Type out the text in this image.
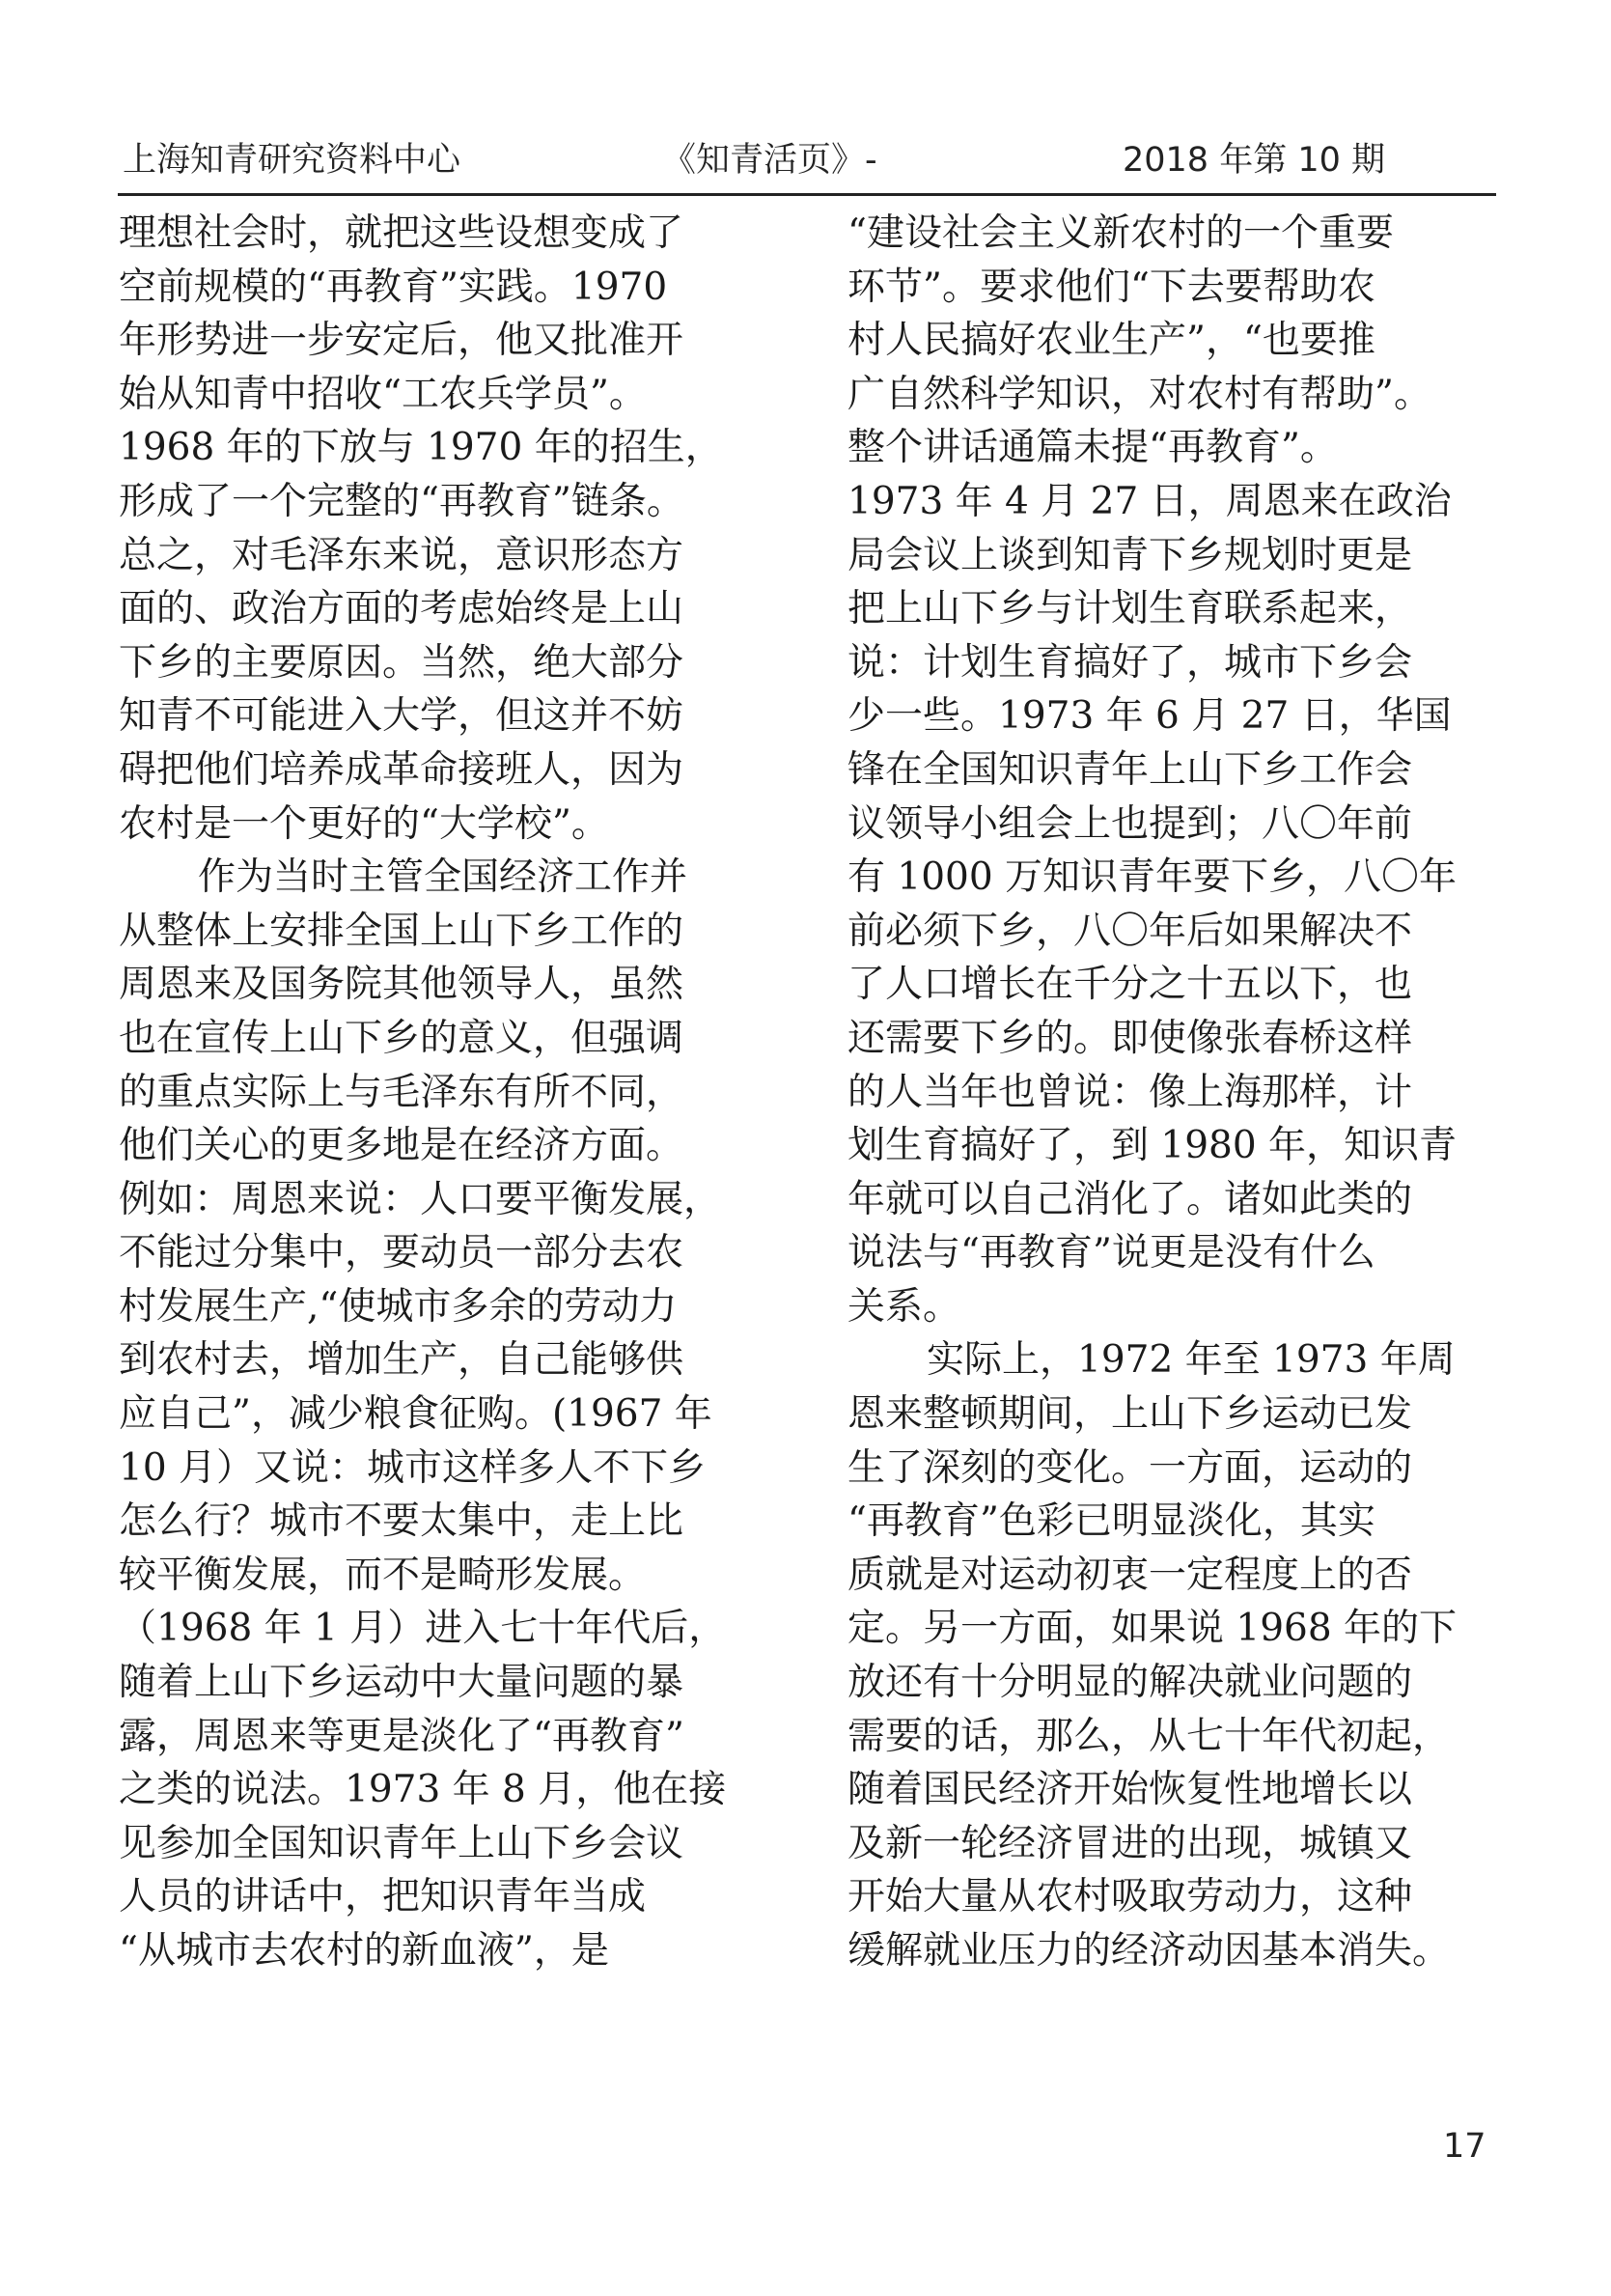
上海知青研究资料中心	《知青活页》-	2018 年第 10 期
理想社会时，就把这些设想变成了
空前规模的“再教育”实践。1970
年形势进一步安定后，他又批准开
始从知青中招收“工农兵学员”。
1968 年的下放与 1970 年的招生，
形成了一个完整的“再教育”链条。
总之，对毛泽东来说，意识形态方
面的、政治方面的考虑始终是上山
下乡的主要原因。当然，绝大部分
知青不可能进入大学，但这并不妨
碍把他们培养成革命接班人，因为
农村是一个更好的“大学校”。
作为当时主管全国经济工作并
从整体上安排全国上山下乡工作的
周恩来及国务院其他领导人，虽然
也在宣传上山下乡的意义，但强调
的重点实际上与毛泽东有所不同，
他们关心的更多地是在经济方面。
例如：周恩来说：人口要平衡发展，
不能过分集中，要动员一部分去农
村发展生产,“使城市多余的劳动力
到农村去，增加生产，自己能够供
应自己”，减少粮食征购。(1967 年
10 月）又说：城市这样多人不下乡
怎么行？城市不要太集中，走上比
较平衡发展，而不是畸形发展。
（1968 年 1 月）进入七十年代后，
随着上山下乡运动中大量问题的暴
露，周恩来等更是淡化了“再教育”
之类的说法。1973 年 8 月，他在接
见参加全国知识青年上山下乡会议
人员的讲话中，把知识青年当成
“从城市去农村的新血液”，是
“建设社会主义新农村的一个重要
环节”。要求他们“下去要帮助农
村人民搞好农业生产”，“也要推
广自然科学知识，对农村有帮助”。
整个讲话通篇未提“再教育”。
1973 年 4 月 27 日，周恩来在政治
局会议上谈到知青下乡规划时更是
把上山下乡与计划生育联系起来，
说：计划生育搞好了，城市下乡会
少一些。1973 年 6 月 27 日，华国
锋在全国知识青年上山下乡工作会
议领导小组会上也提到；八〇年前
有 1000 万知识青年要下乡，八〇年
前必须下乡，八〇年后如果解决不
了人口增长在千分之十五以下，也
还需要下乡的。即使像张春桥这样
的人当年也曾说：像上海那样，计
划生育搞好了，到 1980 年，知识青
年就可以自己消化了。诸如此类的
说法与“再教育”说更是没有什么
关系。
实际上，1972 年至 1973 年周
恩来整顿期间，上山下乡运动已发
生了深刻的变化。一方面，运动的
“再教育”色彩已明显淡化，其实
质就是对运动初衷一定程度上的否
定。另一方面，如果说 1968 年的下
放还有十分明显的解决就业问题的
需要的话，那么，从七十年代初起，
随着国民经济开始恢复性地增长以
及新一轮经济冒进的出现，城镇又
开始大量从农村吸取劳动力，这种
缓解就业压力的经济动因基本消失。
17
